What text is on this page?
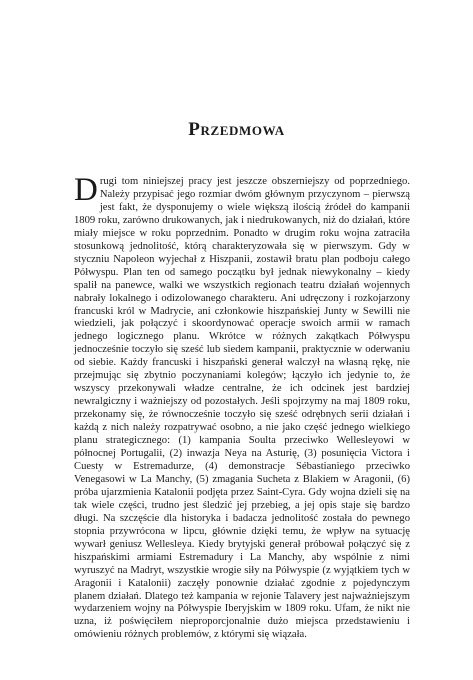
Przedmowa

Drugi tom niniejszej pracy jest jeszcze obszerniejszy od poprzedniego. Należy przypisać jego rozmiar dwóm głównym przyczynom – pierwszą jest fakt, że dysponujemy o wiele większą ilością źródeł do kampanii 1809 roku, zarówno drukowanych, jak i niedrukowanych, niż do działań, które miały miejsce w roku poprzednim. Ponadto w drugim roku wojna zatraciła stosunkową jednolitość, którą charakteryzowała się w pierwszym. Gdy w styczniu Napoleon wyjechał z Hiszpanii, zostawił bratu plan podboju całego Półwyspu. Plan ten od samego początku był jednak niewykonalny – kiedy spalił na panewce, walki we wszystkich regionach teatru działań wojennych nabrały lokalnego i odizolowanego charakteru. Ani udręczony i rozkojarzony francuski król w Madrycie, ani członkowie hiszpańskiej Junty w Sewilli nie wiedzieli, jak połączyć i skoordynować operacje swoich armii w ramach jednego logicznego planu. Wkrótce w różnych zakątkach Półwyspu jednocześnie toczyło się sześć lub siedem kampanii, praktycznie w oderwaniu od siebie. Każdy francuski i hiszpański generał walczył na własną rękę, nie przejmując się zbytnio poczynaniami kolegów; łączyło ich jedynie to, że wszyscy przekonywali władze centralne, że ich odcinek jest bardziej newralgiczny i ważniejszy od pozostałych. Jeśli spojrzymy na maj 1809 roku, przekonamy się, że równocześnie toczyło się sześć odrębnych serii działań i każdą z nich należy rozpatrywać osobno, a nie jako część jednego wielkiego planu strategicznego: (1) kampania Soulta przeciwko Wellesleyowi w północnej Portugalii, (2) inwazja Neya na Asturię, (3) posunięcia Victora i Cuesty w Estremadurze, (4) demonstracje Sébastianiego przeciwko Venegasowi w La Manchy, (5) zmagania Sucheta z Blakiem w Aragonii, (6) próba ujarzmienia Katalonii podjęta przez Saint-Cyra. Gdy wojna dzieli się na tak wiele części, trudno jest śledzić jej przebieg, a jej opis staje się bardzo długi. Na szczęście dla historyka i badacza jednolitość została do pewnego stopnia przywrócona w lipcu, głównie dzięki temu, że wpływ na sytuację wywarł geniusz Wellesleya. Kiedy brytyjski generał próbował połączyć się z hiszpańskimi armiami Estremadury i La Manchy, aby wspólnie z nimi wyruszyć na Madryt, wszystkie wrogie siły na Półwyspie (z wyjątkiem tych w Aragonii i Katalonii) zaczęły ponownie działać zgodnie z pojedynczym planem działań. Dlatego też kampania w rejonie Talavery jest najważniejszym wydarzeniem wojny na Półwyspie Iberyjskim w 1809 roku. Ufam, że nikt nie uzna, iż poświęciłem nieproporcjonalnie dużo miejsca przedstawieniu i omówieniu różnych problemów, z którymi się wiązała.
